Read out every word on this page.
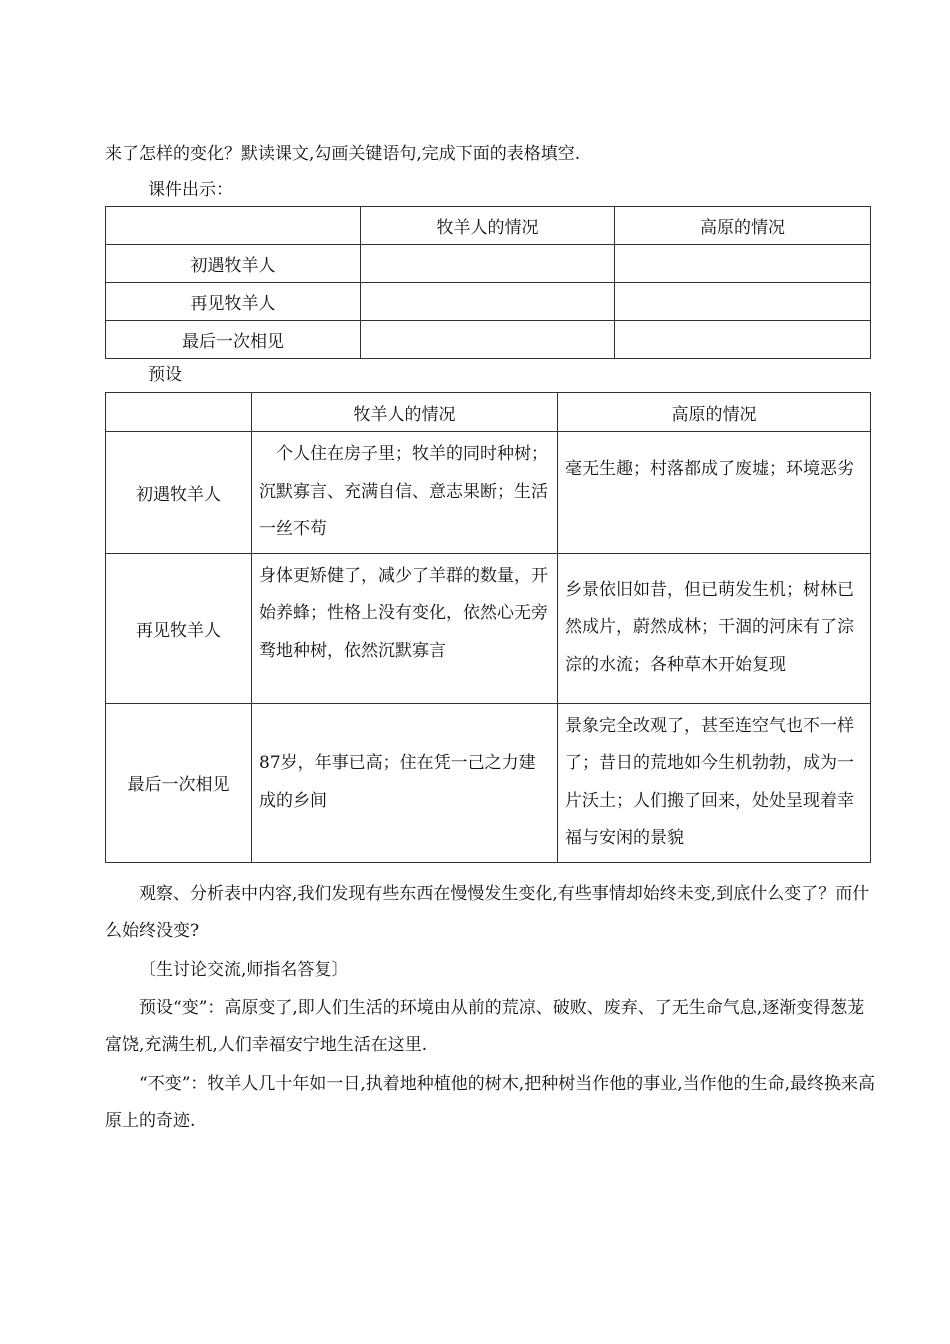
来了怎样的变化？默读课文,勾画关键语句,完成下面的表格填空.

课件出示：

	牧羊人的情况	高原的情况
初遇牧羊人		
再见牧羊人		
最后一次相见		

预设

	牧羊人的情况	高原的情况
初遇牧羊人	　个人住在房子里；牧羊的同时种树；沉默寡言、充满自信、意志果断；生活一丝不苟	毫无生趣；村落都成了废墟；环境恶劣
再见牧羊人	身体更矫健了，减少了羊群的数量，开始养蜂；性格上没有变化，依然心无旁骛地种树，依然沉默寡言	乡景依旧如昔，但已萌发生机；树林已然成片，蔚然成林；干涸的河床有了淙淙的水流；各种草木开始复现
最后一次相见	87岁，年事已高；住在凭一己之力建成的乡间	景象完全改观了，甚至连空气也不一样了；昔日的荒地如今生机勃勃，成为一片沃土；人们搬了回来，处处呈现着幸福与安闲的景貌

观察、分析表中内容,我们发现有些东西在慢慢发生变化,有些事情却始终未变,到底什么变了？而什么始终没变?

〔生讨论交流,师指名答复〕

预设“变”：高原变了,即人们生活的环境由从前的荒凉、破败、废弃、了无生命气息,逐渐变得葱茏富饶,充满生机,人们幸福安宁地生活在这里.

“不变”：牧羊人几十年如一日,执着地种植他的树木,把种树当作他的事业,当作他的生命,最终换来高原上的奇迹.
